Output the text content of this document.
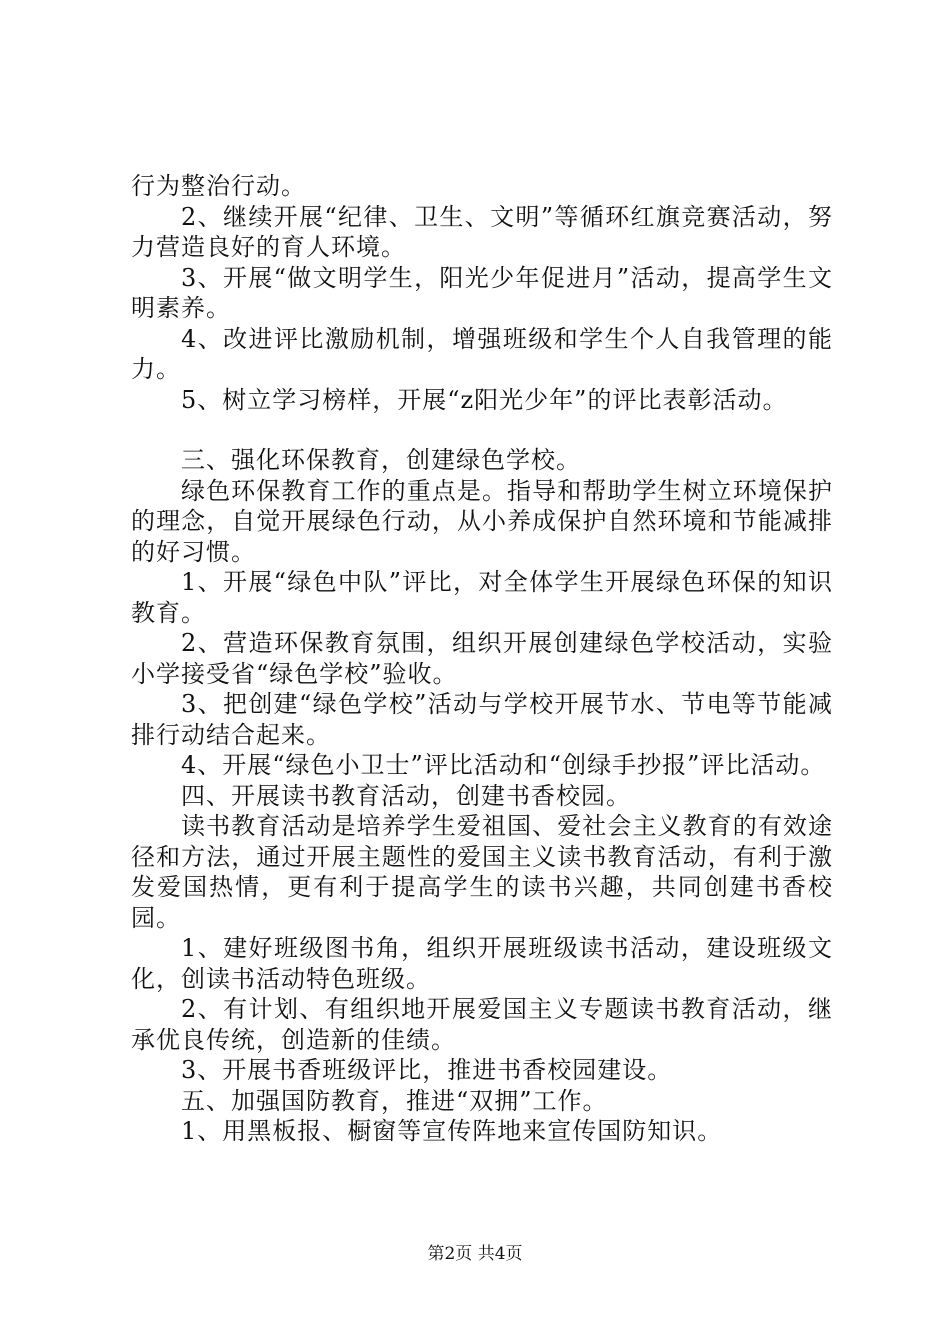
行为整治行动。

2、继续开展“纪律、卫生、文明”等循环红旗竞赛活动，努力营造良好的育人环境。

3、开展“做文明学生，阳光少年促进月”活动，提高学生文明素养。

4、改进评比激励机制，增强班级和学生个人自我管理的能力。

5、树立学习榜样，开展“z阳光少年”的评比表彰活动。

三、强化环保教育，创建绿色学校。

绿色环保教育工作的重点是。指导和帮助学生树立环境保护的理念，自觉开展绿色行动，从小养成保护自然环境和节能减排的好习惯。

1、开展“绿色中队”评比，对全体学生开展绿色环保的知识教育。

2、营造环保教育氛围，组织开展创建绿色学校活动，实验小学接受省“绿色学校”验收。

3、把创建“绿色学校”活动与学校开展节水、节电等节能减排行动结合起来。

4、开展“绿色小卫士”评比活动和“创绿手抄报”评比活动。

四、开展读书教育活动，创建书香校园。

读书教育活动是培养学生爱祖国、爱社会主义教育的有效途径和方法，通过开展主题性的爱国主义读书教育活动，有利于激发爱国热情，更有利于提高学生的读书兴趣，共同创建书香校园。

1、建好班级图书角，组织开展班级读书活动，建设班级文化，创读书活动特色班级。

2、有计划、有组织地开展爱国主义专题读书教育活动，继承优良传统，创造新的佳绩。

3、开展书香班级评比，推进书香校园建设。

五、加强国防教育，推进“双拥”工作。

1、用黑板报、橱窗等宣传阵地来宣传国防知识。

第2页 共4页
